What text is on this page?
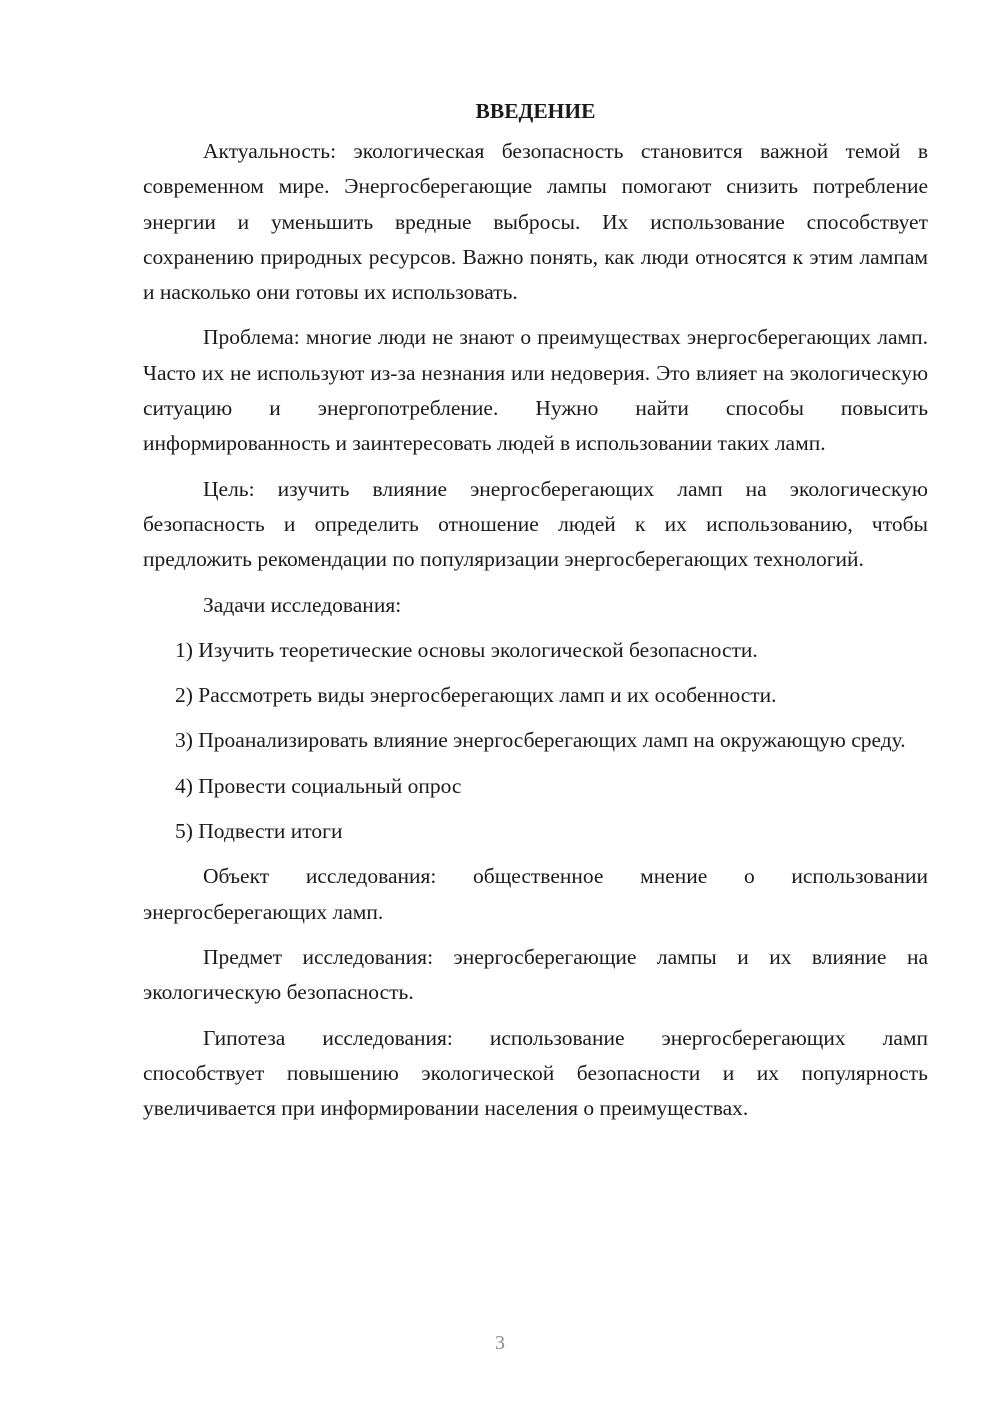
ВВЕДЕНИЕ

Актуальность: экологическая безопасность становится важной темой в современном мире. Энергосберегающие лампы помогают снизить потребление энергии и уменьшить вредные выбросы. Их использование способствует сохранению природных ресурсов. Важно понять, как люди относятся к этим лампам и насколько они готовы их использовать.

Проблема: многие люди не знают о преимуществах энергосберегающих ламп. Часто их не используют из-за незнания или недоверия. Это влияет на экологическую ситуацию и энергопотребление. Нужно найти способы повысить информированность и заинтересовать людей в использовании таких ламп.

Цель: изучить влияние энергосберегающих ламп на экологическую безопасность и определить отношение людей к их использованию, чтобы предложить рекомендации по популяризации энергосберегающих технологий.

Задачи исследования:

1) Изучить теоретические основы экологической безопасности.

2) Рассмотреть виды энергосберегающих ламп и их особенности.

3) Проанализировать влияние энергосберегающих ламп на окружающую среду.

4) Провести социальный опрос

5) Подвести итоги

Объект исследования: общественное мнение о использовании энергосберегающих ламп.

Предмет исследования: энергосберегающие лампы и их влияние на экологическую безопасность.

Гипотеза исследования: использование энергосберегающих ламп способствует повышению экологической безопасности и их популярность увеличивается при информировании населения о преимуществах.

3
